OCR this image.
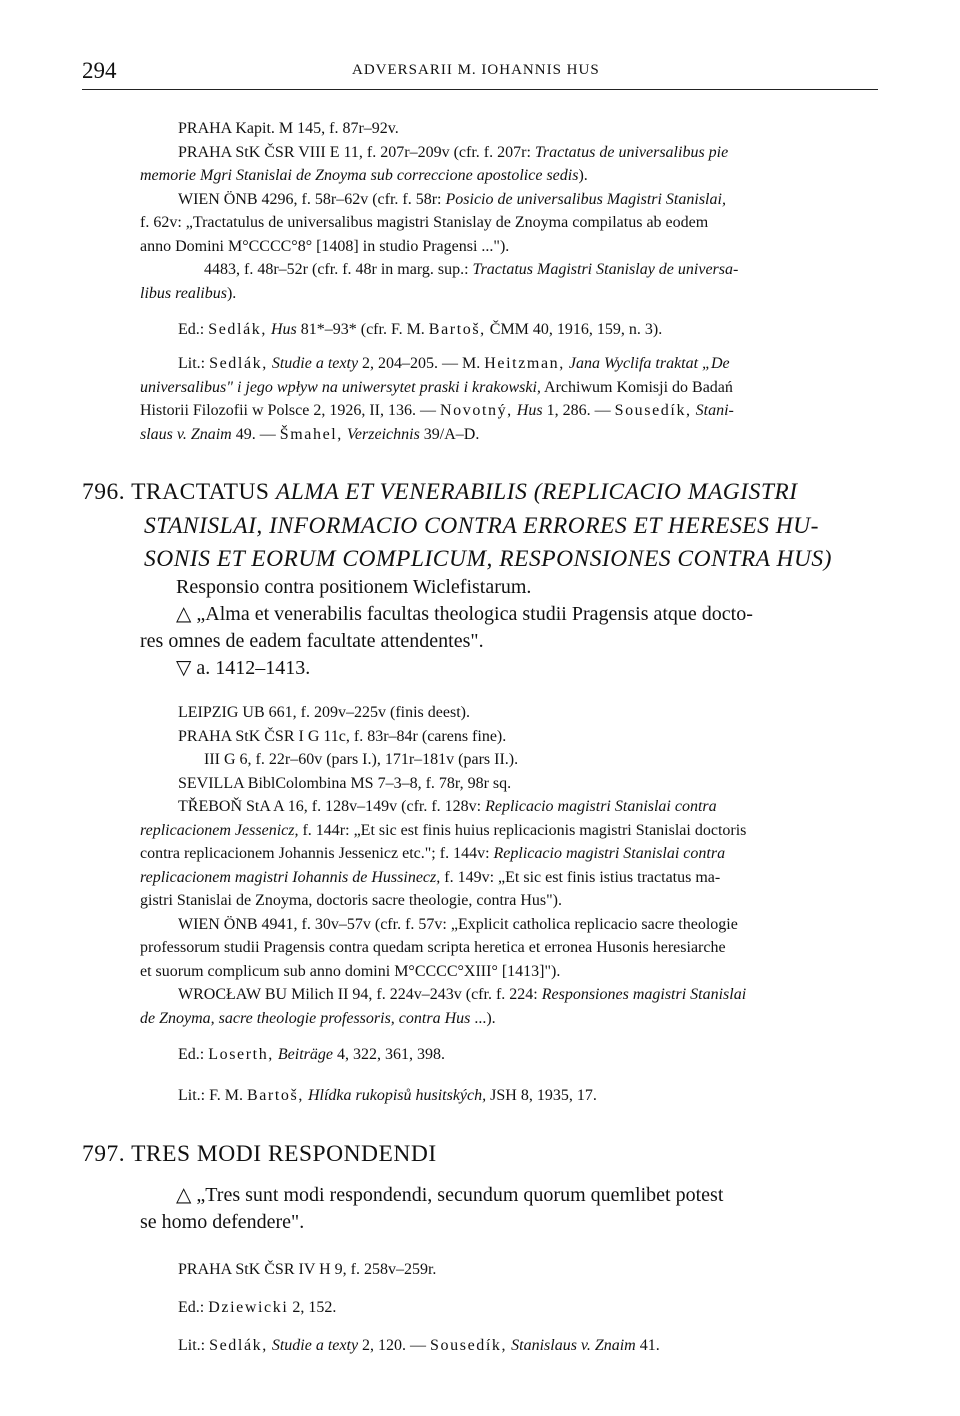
294	ADVERSARII M. IOHANNIS HUS
PRAHA Kapit. M 145, f. 87r–92v.
PRAHA StK ČSR VIII E 11, f. 207r–209v (cfr. f. 207r: Tractatus de universalibus pie
memorie Mgri Stanislai de Znoyma sub correccione apostolice sedis).
WIEN ÖNB 4296, f. 58r–62v (cfr. f. 58r: Posicio de universalibus Magistri Stanislai,
f. 62v: „Tractatulus de universalibus magistri Stanislay de Znoyma compilatus ab eodem
anno Domini M°CCCC°8° [1408] in studio Pragensi ...").
4483, f. 48r–52r (cfr. f. 48r in marg. sup.: Tractatus Magistri Stanislay de universa-
libus realibus).
Ed.: Sedlák, Hus 81*–93* (cfr. F. M. Bartoš, ČMM 40, 1916, 159, n. 3).
Lit.: Sedlák, Studie a texty 2, 204–205. — M. Heitzman, Jana Wyclifa traktat „De
universalibus" i jego wpływ na uniwersytet praski i krakowski, Archiwum Komisji do Badań
Historii Filozofii w Polsce 2, 1926, II, 136. — Novotný, Hus 1, 286. — Sousedík, Stani-
slaus v. Znaim 49. — Šmahel, Verzeichnis 39/A–D.
796. TRACTATUS ALMA ET VENERABILIS (REPLICACIO MAGISTRI
STANISLAI, INFORMACIO CONTRA ERRORES ET HERESES HU-
SONIS ET EORUM COMPLICUM, RESPONSIONES CONTRA HUS)
Responsio contra positionem Wiclefistarum.
△ „Alma et venerabilis facultas theologica studii Pragensis atque docto-
res omnes de eadem facultate attendentes".
▽ a. 1412–1413.
LEIPZIG UB 661, f. 209v–225v (finis deest).
PRAHA StK ČSR I G 11c, f. 83r–84r (carens fine).
III G 6, f. 22r–60v (pars I.), 171r–181v (pars II.).
SEVILLA BiblColombina MS 7–3–8, f. 78r, 98r sq.
TŘEBOŇ StA A 16, f. 128v–149v (cfr. f. 128v: Replicacio magistri Stanislai contra
replicacionem Jessenicz, f. 144r: „Et sic est finis huius replicacionis magistri Stanislai doctoris
contra replicacionem Johannis Jessenicz etc."; f. 144v: Replicacio magistri Stanislai contra
replicacionem magistri Iohannis de Hussinecz, f. 149v: „Et sic est finis istius tractatus ma-
gistri Stanislai de Znoyma, doctoris sacre theologie, contra Hus").
WIEN ÖNB 4941, f. 30v–57v (cfr. f. 57v: „Explicit catholica replicacio sacre theologie
professorum studii Pragensis contra quedam scripta heretica et erronea Husonis heresiarche
et suorum complicum sub anno domini M°CCCC°XIII° [1413]").
WROCŁAW BU Milich II 94, f. 224v–243v (cfr. f. 224: Responsiones magistri Stanislai
de Znoyma, sacre theologie professoris, contra Hus ...).
Ed.: Loserth, Beiträge 4, 322, 361, 398.
Lit.: F. M. Bartoš, Hlídka rukopisů husitských, JSH 8, 1935, 17.
797. TRES MODI RESPONDENDI
△ „Tres sunt modi respondendi, secundum quorum quemlibet potest
se homo defendere".
PRAHA StK ČSR IV H 9, f. 258v–259r.
Ed.: Dziewicki 2, 152.
Lit.: Sedlák, Studie a texty 2, 120. — Sousedík, Stanislaus v. Znaim 41.
